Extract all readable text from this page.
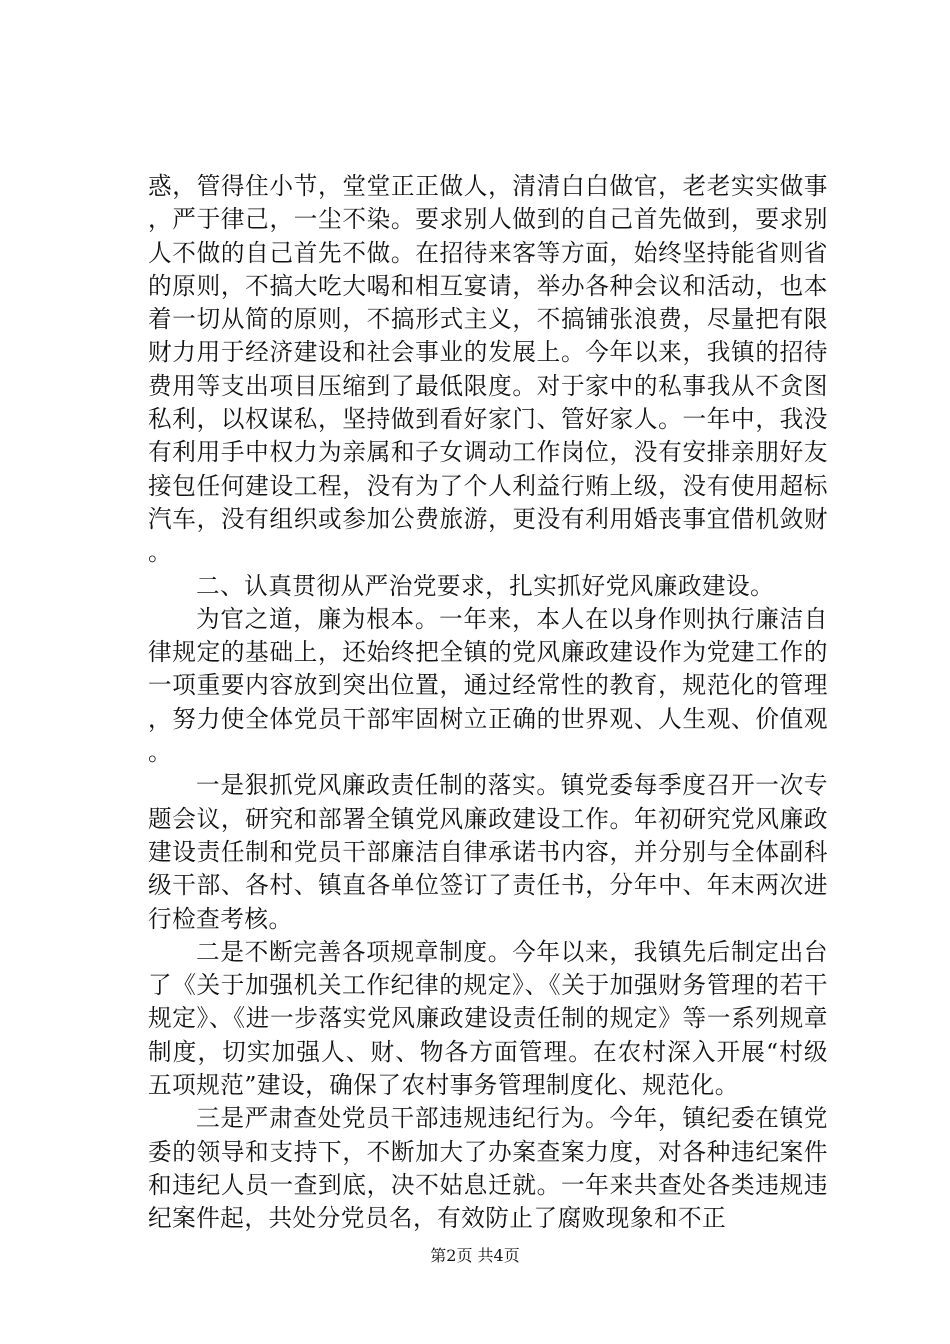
惑，管得住小节，堂堂正正做人，清清白白做官，老老实实做事，严于律己，一尘不染。要求别人做到的自己首先做到，要求别人不做的自己首先不做。在招待来客等方面，始终坚持能省则省的原则，不搞大吃大喝和相互宴请，举办各种会议和活动，也本着一切从简的原则，不搞形式主义，不搞铺张浪费，尽量把有限财力用于经济建设和社会事业的发展上。今年以来，我镇的招待费用等支出项目压缩到了最低限度。对于家中的私事我从不贪图私利，以权谋私，坚持做到看好家门、管好家人。一年中，我没有利用手中权力为亲属和子女调动工作岗位，没有安排亲朋好友接包任何建设工程，没有为了个人利益行贿上级，没有使用超标汽车，没有组织或参加公费旅游，更没有利用婚丧事宜借机敛财。

二、认真贯彻从严治党要求，扎实抓好党风廉政建设。

为官之道，廉为根本。一年来，本人在以身作则执行廉洁自律规定的基础上，还始终把全镇的党风廉政建设作为党建工作的一项重要内容放到突出位置，通过经常性的教育，规范化的管理，努力使全体党员干部牢固树立正确的世界观、人生观、价值观。

一是狠抓党风廉政责任制的落实。镇党委每季度召开一次专题会议，研究和部署全镇党风廉政建设工作。年初研究党风廉政建设责任制和党员干部廉洁自律承诺书内容，并分别与全体副科级干部、各村、镇直各单位签订了责任书，分年中、年末两次进行检查考核。

二是不断完善各项规章制度。今年以来，我镇先后制定出台了《关于加强机关工作纪律的规定》、《关于加强财务管理的若干规定》、《进一步落实党风廉政建设责任制的规定》等一系列规章制度，切实加强人、财、物各方面管理。在农村深入开展“村级五项规范”建设，确保了农村事务管理制度化、规范化。

三是严肃查处党员干部违规违纪行为。今年，镇纪委在镇党委的领导和支持下，不断加大了办案查案力度，对各种违纪案件和违纪人员一查到底，决不姑息迁就。一年来共查处各类违规违纪案件起，共处分党员名，有效防止了腐败现象和不正

第2页 共4页
